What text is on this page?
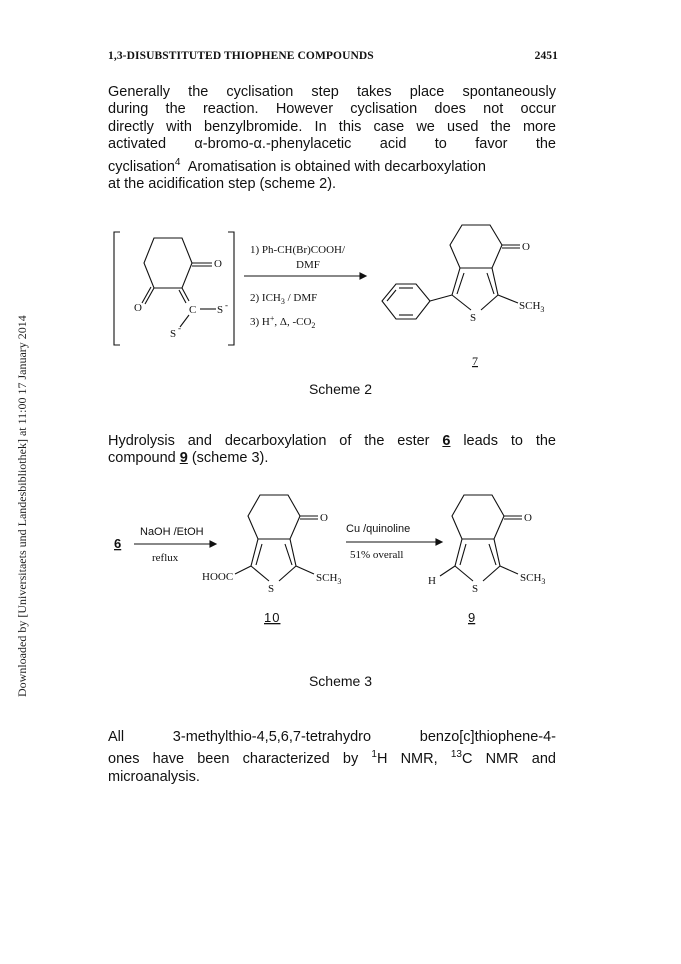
Downloaded by [Universitaets und Landesbibliothek] at 11:00 17 January 2014
1,3-DISUBSTITUTED THIOPHENE COMPOUNDS	2451
Generally the cyclisation step takes place spontaneously
during the reaction. However cyclisation does not occur
directly with benzylbromide. In this case we used the more
activated α-bromo-α.-phenylacetic acid to favor the
cyclisation$^4$  Aromatisation is obtained with decarboxylation
at the acidification step (scheme 2).
O
O	C S -
S -
1) Ph-CH(Br)COOH/
DMF
2) $ICH_3$ / DMF
3) H+, Δ, $-CO_2$
O
S
$SCH_3$
7
Scheme 2
Hydrolysis and decarboxylation of the ester 6 leads to the
compound 9 (scheme 3).
6
NaOH /EtOH
reflux
O
S
HOOC	$SCH_3$
10
Cu /quinoline
51% overall
O
S
H	$SCH_3$
9
Scheme 3
All 3-methylthio-4,5,6,7-tetrahydro benzo[c]thiophene-4-
ones have been characterized by $^1$H NMR, $^{13}$C NMR and
microanalysis.
